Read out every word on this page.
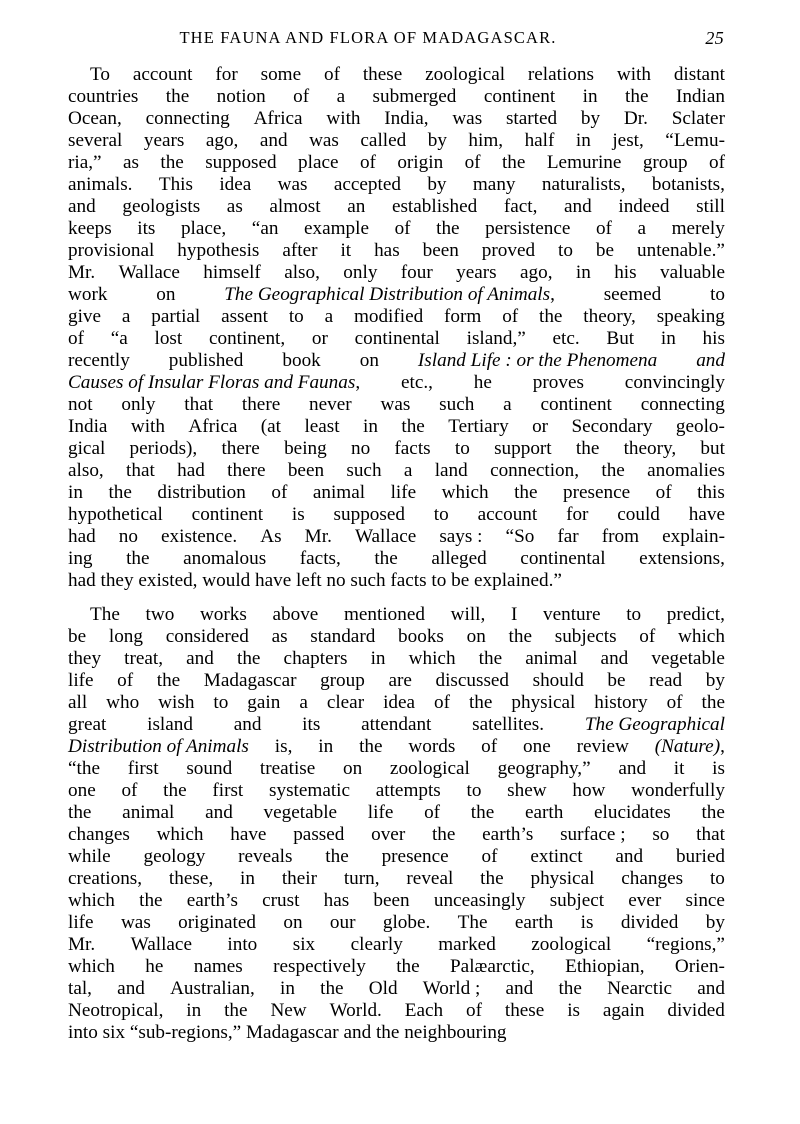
THE FAUNA AND FLORA OF MADAGASCAR.	25
To account for some of these zoological relations with distant
countries the notion of a submerged continent in the Indian
Ocean, connecting Africa with India, was started by Dr. Sclater
several years ago, and was called by him, half in jest, “Lemu-
ria,” as the supposed place of origin of the Lemurine group of
animals. This idea was accepted by many naturalists, botanists,
and geologists as almost an established fact, and indeed still
keeps its place, “an example of the persistence of a merely
provisional hypothesis after it has been proved to be untenable.”
Mr. Wallace himself also, only four years ago, in his valuable
work	on	The Geographical Distribution of Animals,	seemed	to
give a partial assent to a modified form of the theory, speaking
of “a lost continent, or continental island,” etc. But in his
recently published book on Island Life : or the Phenomena and
Causes of Insular Floras and Faunas, etc., he proves convincingly
not only that there never was such a continent connecting
India with Africa (at least in the Tertiary or Secondary geolo-
gical periods), there being no facts to support the theory, but
also, that had there been such a land connection, the anomalies
in the distribution of animal life which the presence of this
hypothetical continent is supposed to account for could have
had no existence. As Mr. Wallace says : “So far from explain-
ing the anomalous facts, the alleged continental extensions,
had they existed, would have left no such facts to be explained.”
The two works above mentioned will, I venture to predict,
be long considered as standard books on the subjects of which
they treat, and the chapters in which the animal and vegetable
life of the Madagascar group are discussed should be read by
all who wish to gain a clear idea of the physical history of the
great island and its attendant satellites. The Geographical
Distribution of Animals is, in the words of one review (Nature),
“the first sound treatise on zoological geography,” and it is
one of the first systematic attempts to shew how wonderfully
the animal and vegetable life of the earth elucidates the
changes which have passed over the earth’s surface ; so that
while geology reveals the presence of extinct and buried
creations, these, in their turn, reveal the physical changes to
which the earth’s crust has been unceasingly subject ever since
life was originated on our globe. The earth is divided by
Mr. Wallace into six clearly marked zoological “regions,”
which he names respectively the Palæarctic, Ethiopian, Orien-
tal, and Australian, in the Old World ; and the Nearctic and
Neotropical, in the New World. Each of these is again divided
into six “sub-regions,” Madagascar and the neighbouring
